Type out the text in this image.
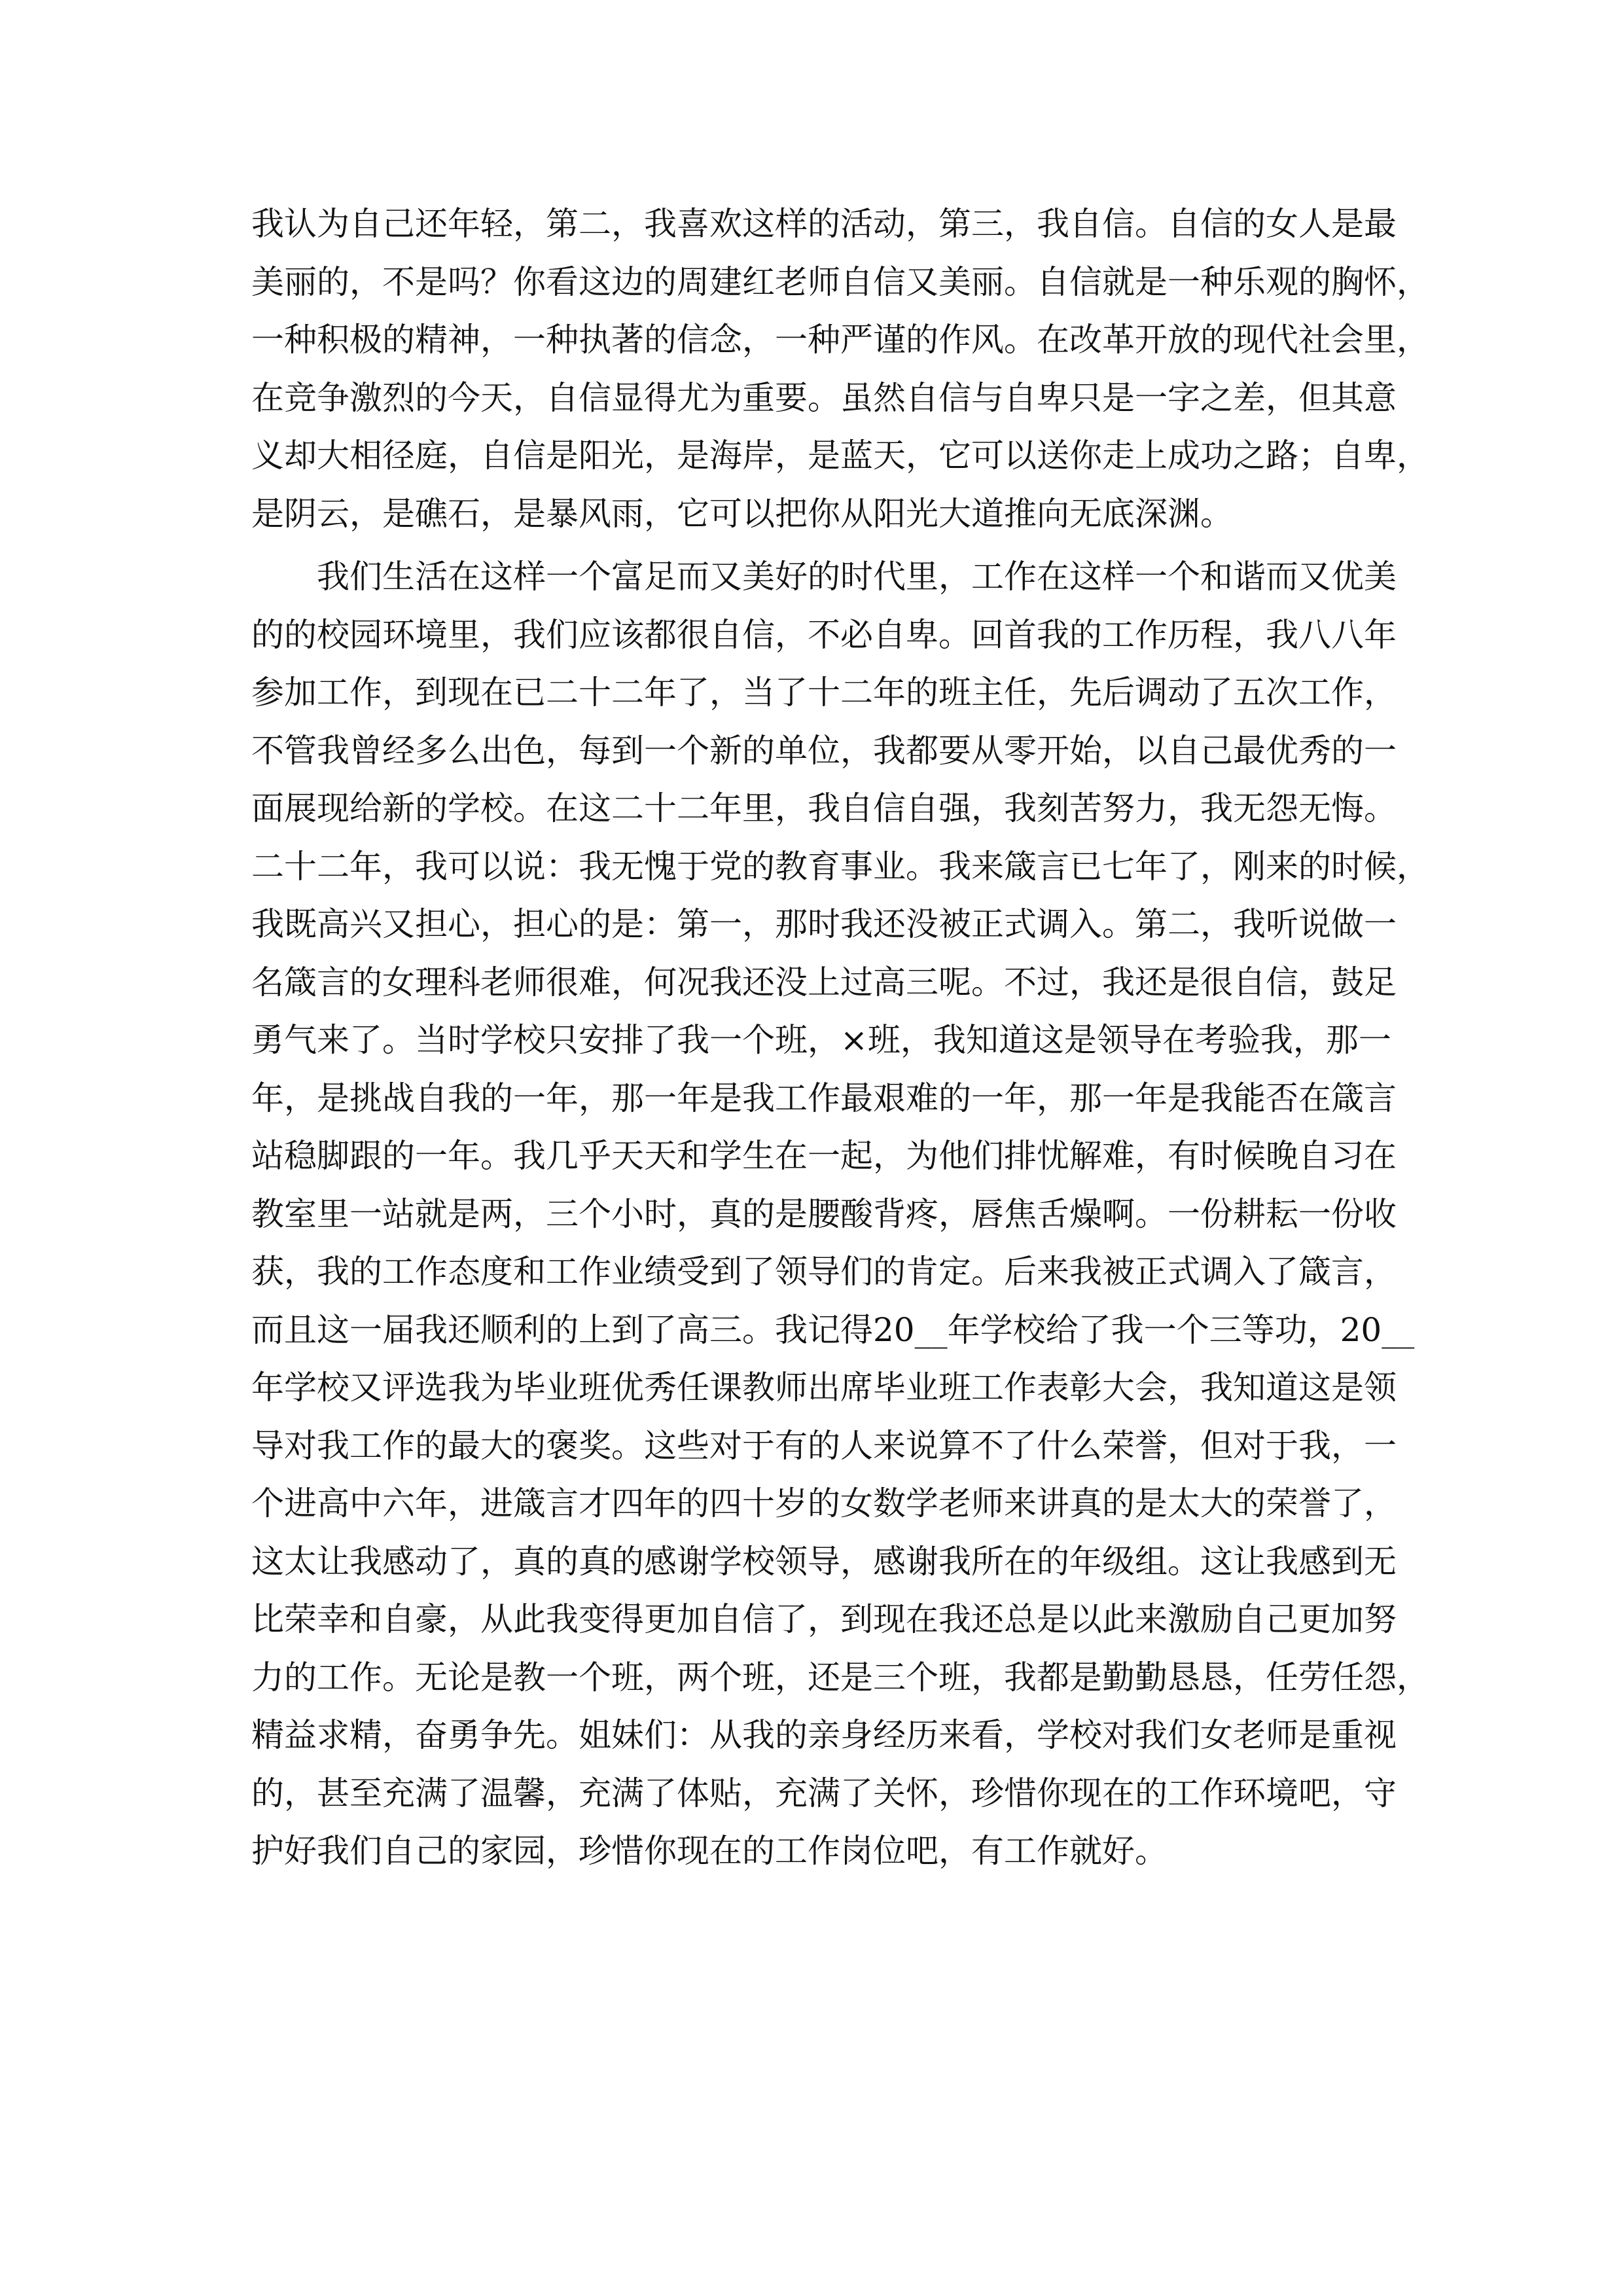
我认为自己还年轻，第二，我喜欢这样的活动，第三，我自信。自信的女人是最
美丽的，不是吗？你看这边的周建红老师自信又美丽。自信就是一种乐观的胸怀，
一种积极的精神，一种执著的信念，一种严谨的作风。在改革开放的现代社会里，
在竞争激烈的今天，自信显得尤为重要。虽然自信与自卑只是一字之差，但其意
义却大相径庭，自信是阳光，是海岸，是蓝天，它可以送你走上成功之路；自卑，
是阴云，是礁石，是暴风雨，它可以把你从阳光大道推向无底深渊。
我们生活在这样一个富足而又美好的时代里，工作在这样一个和谐而又优美
的的校园环境里，我们应该都很自信，不必自卑。回首我的工作历程，我八八年
参加工作，到现在已二十二年了，当了十二年的班主任，先后调动了五次工作，
不管我曾经多么出色，每到一个新的单位，我都要从零开始，以自己最优秀的一
面展现给新的学校。在这二十二年里，我自信自强，我刻苦努力，我无怨无悔。
二十二年，我可以说：我无愧于党的教育事业。我来箴言已七年了，刚来的时候，
我既高兴又担心，担心的是：第一，那时我还没被正式调入。第二，我听说做一
名箴言的女理科老师很难，何况我还没上过高三呢。不过，我还是很自信，鼓足
勇气来了。当时学校只安排了我一个班，×班，我知道这是领导在考验我，那一
年，是挑战自我的一年，那一年是我工作最艰难的一年，那一年是我能否在箴言
站稳脚跟的一年。我几乎天天和学生在一起，为他们排忧解难，有时候晚自习在
教室里一站就是两，三个小时，真的是腰酸背疼，唇焦舌燥啊。一份耕耘一份收
获，我的工作态度和工作业绩受到了领导们的肯定。后来我被正式调入了箴言，
而且这一届我还顺利的上到了高三。我记得20__年学校给了我一个三等功，20__
年学校又评选我为毕业班优秀任课教师出席毕业班工作表彰大会，我知道这是领
导对我工作的最大的褒奖。这些对于有的人来说算不了什么荣誉，但对于我，一
个进高中六年，进箴言才四年的四十岁的女数学老师来讲真的是太大的荣誉了，
这太让我感动了，真的真的感谢学校领导，感谢我所在的年级组。这让我感到无
比荣幸和自豪，从此我变得更加自信了，到现在我还总是以此来激励自己更加努
力的工作。无论是教一个班，两个班，还是三个班，我都是勤勤恳恳，任劳任怨，
精益求精，奋勇争先。姐妹们：从我的亲身经历来看，学校对我们女老师是重视
的，甚至充满了温馨，充满了体贴，充满了关怀，珍惜你现在的工作环境吧，守
护好我们自己的家园，珍惜你现在的工作岗位吧，有工作就好。
